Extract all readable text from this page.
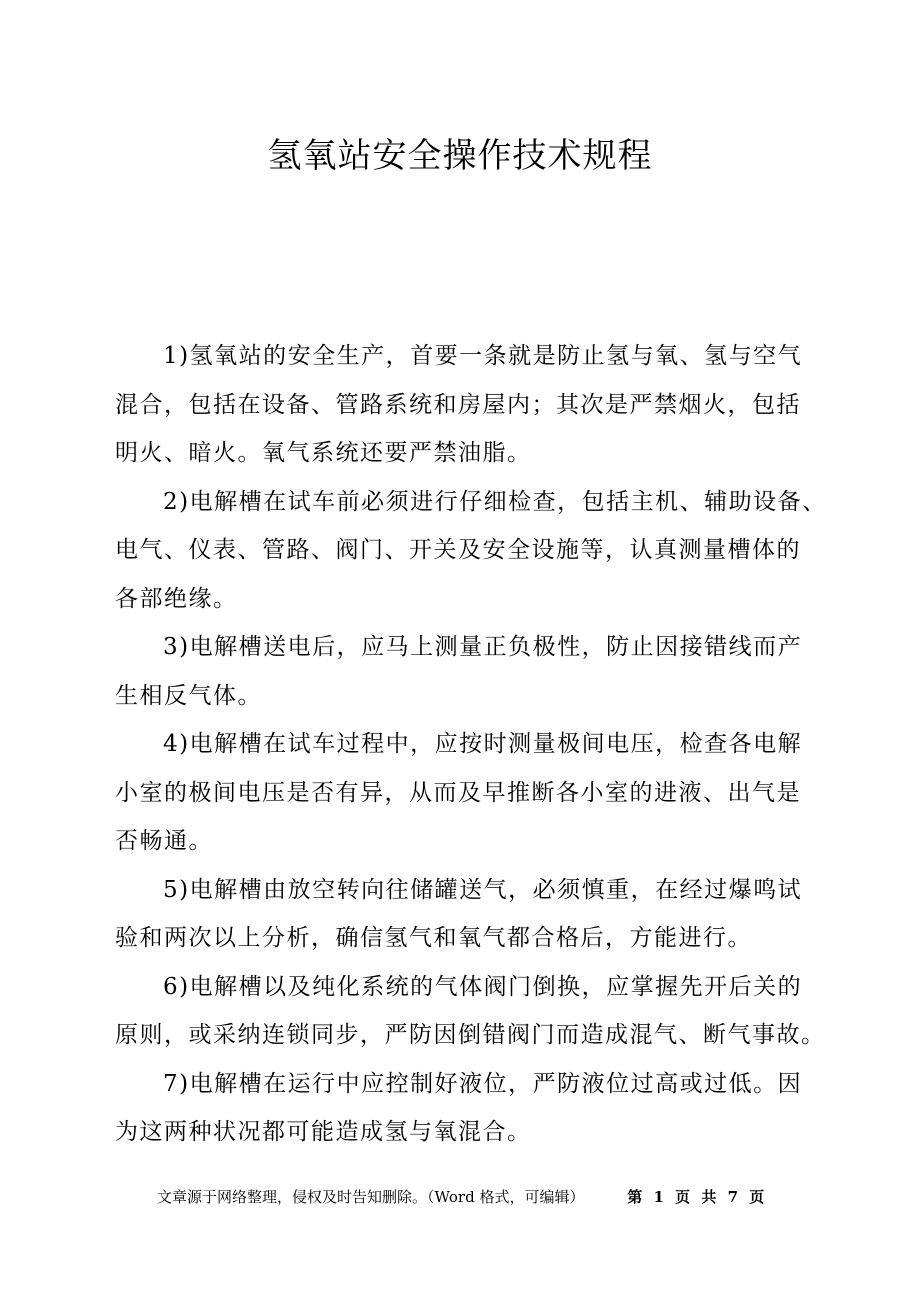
氢氧站安全操作技术规程

1)氢氧站的安全生产，首要一条就是防止氢与氧、氢与空气
混合，包括在设备、管路系统和房屋内；其次是严禁烟火，包括
明火、暗火。氧气系统还要严禁油脂。

2)电解槽在试车前必须进行仔细检查，包括主机、辅助设备、
电气、仪表、管路、阀门、开关及安全设施等，认真测量槽体的
各部绝缘。

3)电解槽送电后，应马上测量正负极性，防止因接错线而产
生相反气体。

4)电解槽在试车过程中，应按时测量极间电压，检查各电解
小室的极间电压是否有异，从而及早推断各小室的进液、出气是
否畅通。

5)电解槽由放空转向往储罐送气，必须慎重，在经过爆鸣试
验和两次以上分析，确信氢气和氧气都合格后，方能进行。

6)电解槽以及纯化系统的气体阀门倒换，应掌握先开后关的
原则，或采纳连锁同步，严防因倒错阀门而造成混气、断气事故。

7)电解槽在运行中应控制好液位，严防液位过高或过低。因
为这两种状况都可能造成氢与氧混合。

文章源于网络整理，侵权及时告知删除。（Word 格式，可编辑）	第 1 页 共 7 页
